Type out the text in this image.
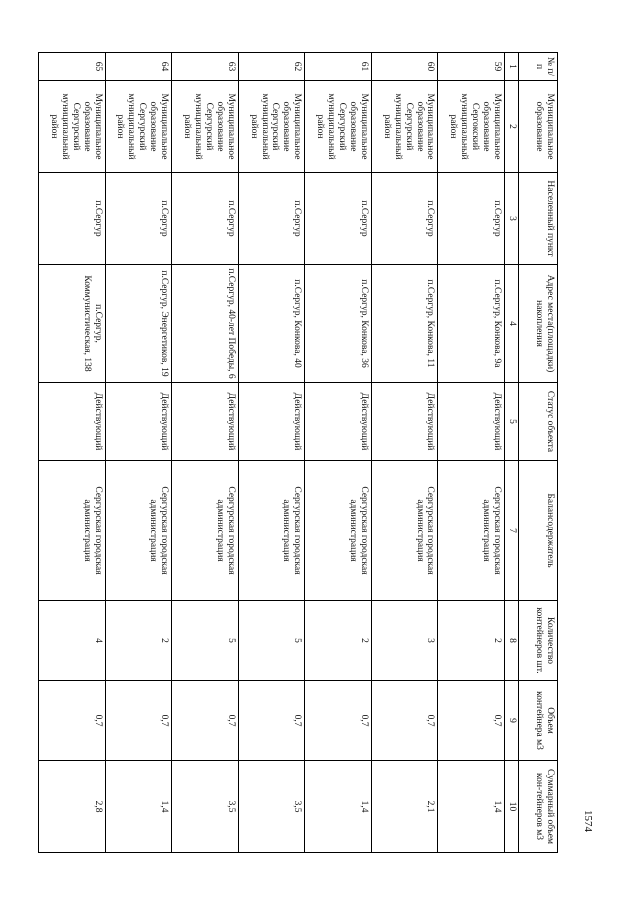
1574
№ п/п	Муниципальное образование	Населенный пункт	Адрес места(площадки) накопления	Статус объекта	Балансодержатель	Количество контейнеров шт.	Объем контейнера м3	Суммарный объем кон-тейнеров м3
1	2	3	4	5	7	8	9	10
59	Муниципальное образование Сергокский муниципальный район	п.Сергур	п.Сергур, Конкова, 9а	Действующий	Сергурская городская администрация	2	0,7	1,4
60	Муниципальное образование Сергурский муниципальный район	п.Сергур	п.Сергур, Конкова, 11	Действующий	Сергурская городская администрация	3	0,7	2,1
61	Муниципальное образование Сергурский муниципальный район	п.Сергур	п.Сергур, Конкова, 36	Действующий	Сергурская городская администрация	2	0,7	1,4
62	Муниципальное образование Сергурский муниципальный район	п.Сергур	п.Сергур, Конкова, 40	Действующий	Сергурская городская администрация	5	0,7	3,5
63	Муниципальное образование Сергурский муниципальный район	п.Сергур	п.Сергур, 40-лет Победы, 6	Действующий	Сергурская городская администрация	5	0,7	3,5
64	Муниципальное образование Сергурский муниципальный район	п.Сергур	п.Сергур, Энергетиков, 19	Действующий	Сергурская городская администрация	2	0,7	1,4
65	Муниципальное образование Сергурский муниципальный район	п.Сергур	п.Сергур, Коммунистическая, 138	Действующий	Сергурская городская администрация	4	0,7	2,8
